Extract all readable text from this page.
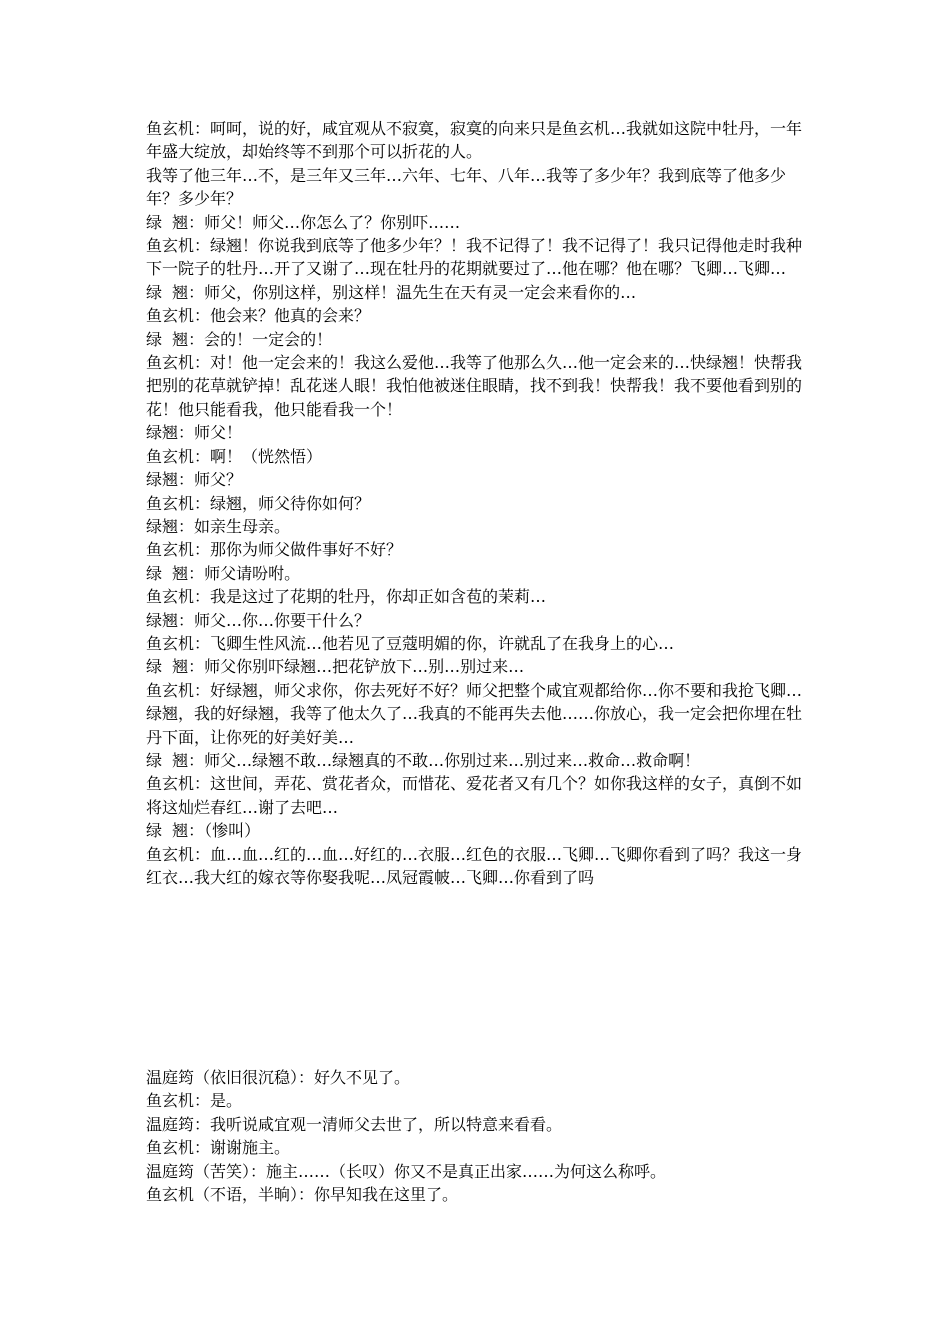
鱼玄机：呵呵，说的好，咸宜观从不寂寞，寂寞的向来只是鱼玄机…我就如这院中牡丹，一年年盛大绽放，却始终等不到那个可以折花的人。

我等了他三年…不，是三年又三年…六年、七年、八年…我等了多少年？我到底等了他多少年？多少年？

绿  翘：师父！师父…你怎么了？你别吓……

鱼玄机：绿翘！你说我到底等了他多少年？！我不记得了！我不记得了！我只记得他走时我种下一院子的牡丹…开了又谢了…现在牡丹的花期就要过了…他在哪？他在哪？飞卿…飞卿…

绿  翘：师父，你别这样，别这样！温先生在天有灵一定会来看你的…

鱼玄机：他会来？他真的会来？

绿  翘：会的！一定会的！

鱼玄机：对！他一定会来的！我这么爱他…我等了他那么久…他一定会来的…快绿翘！快帮我把别的花草就铲掉！乱花迷人眼！我怕他被迷住眼睛，找不到我！快帮我！我不要他看到别的花！他只能看我，他只能看我一个！

绿翘：师父！

鱼玄机：啊！（恍然悟）

绿翘：师父？

鱼玄机：绿翘，师父待你如何？

绿翘：如亲生母亲。

鱼玄机：那你为师父做件事好不好？

绿  翘：师父请吩咐。

鱼玄机：我是这过了花期的牡丹，你却正如含苞的茉莉…

绿翘：师父…你…你要干什么？

鱼玄机：飞卿生性风流…他若见了豆蔻明媚的你，许就乱了在我身上的心…

绿  翘：师父你别吓绿翘…把花铲放下…别…别过来…

鱼玄机：好绿翘，师父求你，你去死好不好？师父把整个咸宜观都给你…你不要和我抢飞卿…绿翘，我的好绿翘，我等了他太久了…我真的不能再失去他……你放心，我一定会把你埋在牡丹下面，让你死的好美好美…

绿  翘：师父…绿翘不敢…绿翘真的不敢…你别过来…别过来…救命…救命啊！

鱼玄机：这世间，弄花、赏花者众，而惜花、爱花者又有几个？如你我这样的女子，真倒不如将这灿烂春红…谢了去吧…

绿  翘：（惨叫）

鱼玄机：血…血…红的…血…好红的…衣服…红色的衣服…飞卿…飞卿你看到了吗？我这一身红衣…我大红的嫁衣等你娶我呢…凤冠霞帔…飞卿…你看到了吗

温庭筠（依旧很沉稳）：好久不见了。

鱼玄机：是。

温庭筠：我听说咸宜观一清师父去世了，所以特意来看看。

鱼玄机：谢谢施主。

温庭筠（苦笑）：施主……（长叹）你又不是真正出家……为何这么称呼。

鱼玄机（不语，半晌）：你早知我在这里了。
